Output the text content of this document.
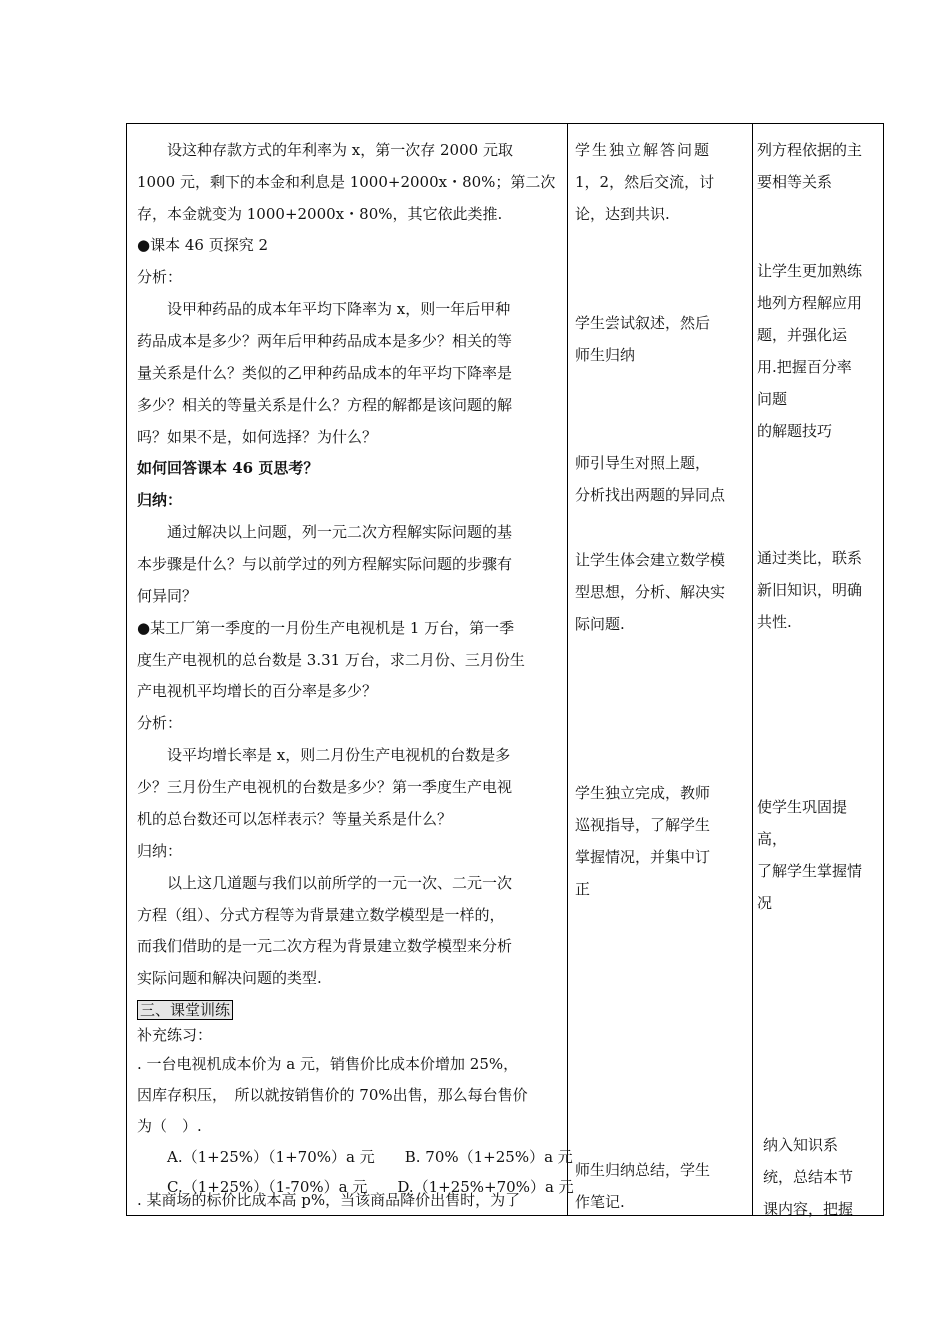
　　设这种存款方式的年利率为 x，第一次存 2000 元取
1000 元，剩下的本金和利息是 1000+2000x・80%；第二次
存，本金就变为 1000+2000x・80%，其它依此类推.
●课本 46 页探究 2
分析：
　　设甲种药品的成本年平均下降率为 x，则一年后甲种
药品成本是多少？两年后甲种药品成本是多少？相关的等
量关系是什么？类似的乙甲种药品成本的年平均下降率是
多少？相关的等量关系是什么？方程的解都是该问题的解
吗？如果不是，如何选择？为什么？
如何回答课本 46 页思考？
归纳：
　　通过解决以上问题，列一元二次方程解实际问题的基
本步骤是什么？与以前学过的列方程解实际问题的步骤有
何异同？
●某工厂第一季度的一月份生产电视机是 1 万台，第一季
度生产电视机的总台数是 3.31 万台，求二月份、三月份生
产电视机平均增长的百分率是多少？
分析：
　　设平均增长率是 x，则二月份生产电视机的台数是多
少？三月份生产电视机的台数是多少？第一季度生产电视
机的总台数还可以怎样表示？等量关系是什么？
归纳：
　　以上这几道题与我们以前所学的一元一次、二元一次
方程（组）、分式方程等为背景建立数学模型是一样的，
而我们借助的是一元二次方程为背景建立数学模型来分析
实际问题和解决问题的类型.
三、课堂训练
补充练习：
. 一台电视机成本价为 a 元，销售价比成本价增加 25%，
因库存积压，　所以就按销售价的 70%出售，那么每台售价
为（　）.
　　A.（1+25%）（1+70%）a 元　　B. 70%（1+25%）a 元
　　C.（1+25%）（1-70%）a 元　　D.（1+25%+70%）a 元
. 某商场的标价比成本高 p%，当该商品降价出售时，为了
学生独立解答问题
1，2，然后交流，讨
论，达到共识.
学生尝试叙述，然后
师生归纳
师引导生对照上题，
分析找出两题的异同点
让学生体会建立数学模
型思想，分析、解决实
际问题.
学生独立完成，教师
巡视指导，了解学生
掌握情况，并集中订
正
师生归纳总结，学生
作笔记.
列方程依据的主
要相等关系
让学生更加熟练
地列方程解应用
题，并强化运
用.把握百分率
问题
的解题技巧
通过类比，联系
新旧知识，明确
共性.
使学生巩固提
高，
了解学生掌握情
况
纳入知识系
统，总结本节
课内容，把握
